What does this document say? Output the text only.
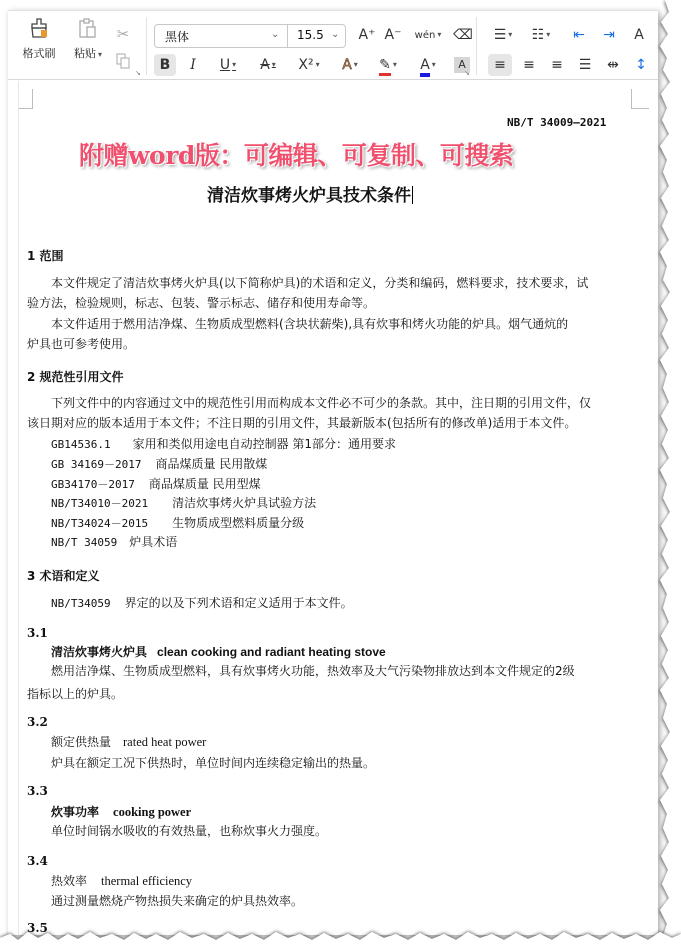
格式刷	粘贴 ▾
✂
↘
黑体	⌄ 15.5 ⌄ A⁺ A⁻	wén ▾ ⌫
B	I	U ▾	A ▾	X² ▾	A ▾	✎ ▾	A ▾	A
↘
☰ ▾	☷ ▾	⇤	⇥	A
≡	≡	≡	☰	⇹	↕
NB/T 34009—2021
附赠word版：可编辑、可复制、可搜索
清洁炊事烤火炉具技术条件
1 范围
本文件规定了清洁炊事烤火炉具(以下简称炉具)的术语和定义，分类和编码，燃料要求，技术要求，试
验方法，检验规则，标志、包装、警示标志、储存和使用寿命等。
本文件适用于燃用洁净煤、生物质成型燃料(含块状薪柴),具有炊事和烤火功能的炉具。烟气通炕的
炉具也可参考使用。
2 规范性引用文件
下列文件中的内容通过文中的规范性引用而构成本文件必不可少的条款。其中，注日期的引用文件，仅
该日期对应的版本适用于本文件；不注日期的引用文件，其最新版本(包括所有的修改单)适用于本文件。
GB14536.1 家用和类似用途电自动控制器 第1部分：通用要求
GB 34169－2017 商品煤质量 民用散煤
GB34170－2017 商品煤质量 民用型煤
NB/T34010－2021 清洁炊事烤火炉具试验方法
NB/T34024－2015 生物质成型燃料质量分级
NB/T 34059 炉具术语
3 术语和定义
NB/T34059 界定的以及下列术语和定义适用于本文件。
3.1
清洁炊事烤火炉具 clean cooking and radiant heating stove
燃用洁净煤、生物质成型燃料，具有炊事烤火功能，热效率及大气污染物排放达到本文件规定的2级
指标以上的炉具。
3.2
额定供热量 rated heat power
炉具在额定工况下供热时，单位时间内连续稳定输出的热量。
3.3
炊事功率 cooking power
单位时间锅水吸收的有效热量，也称炊事火力强度。
3.4
热效率 thermal efficiency
通过测量燃烧产物热损失来确定的炉具热效率。
3.5
